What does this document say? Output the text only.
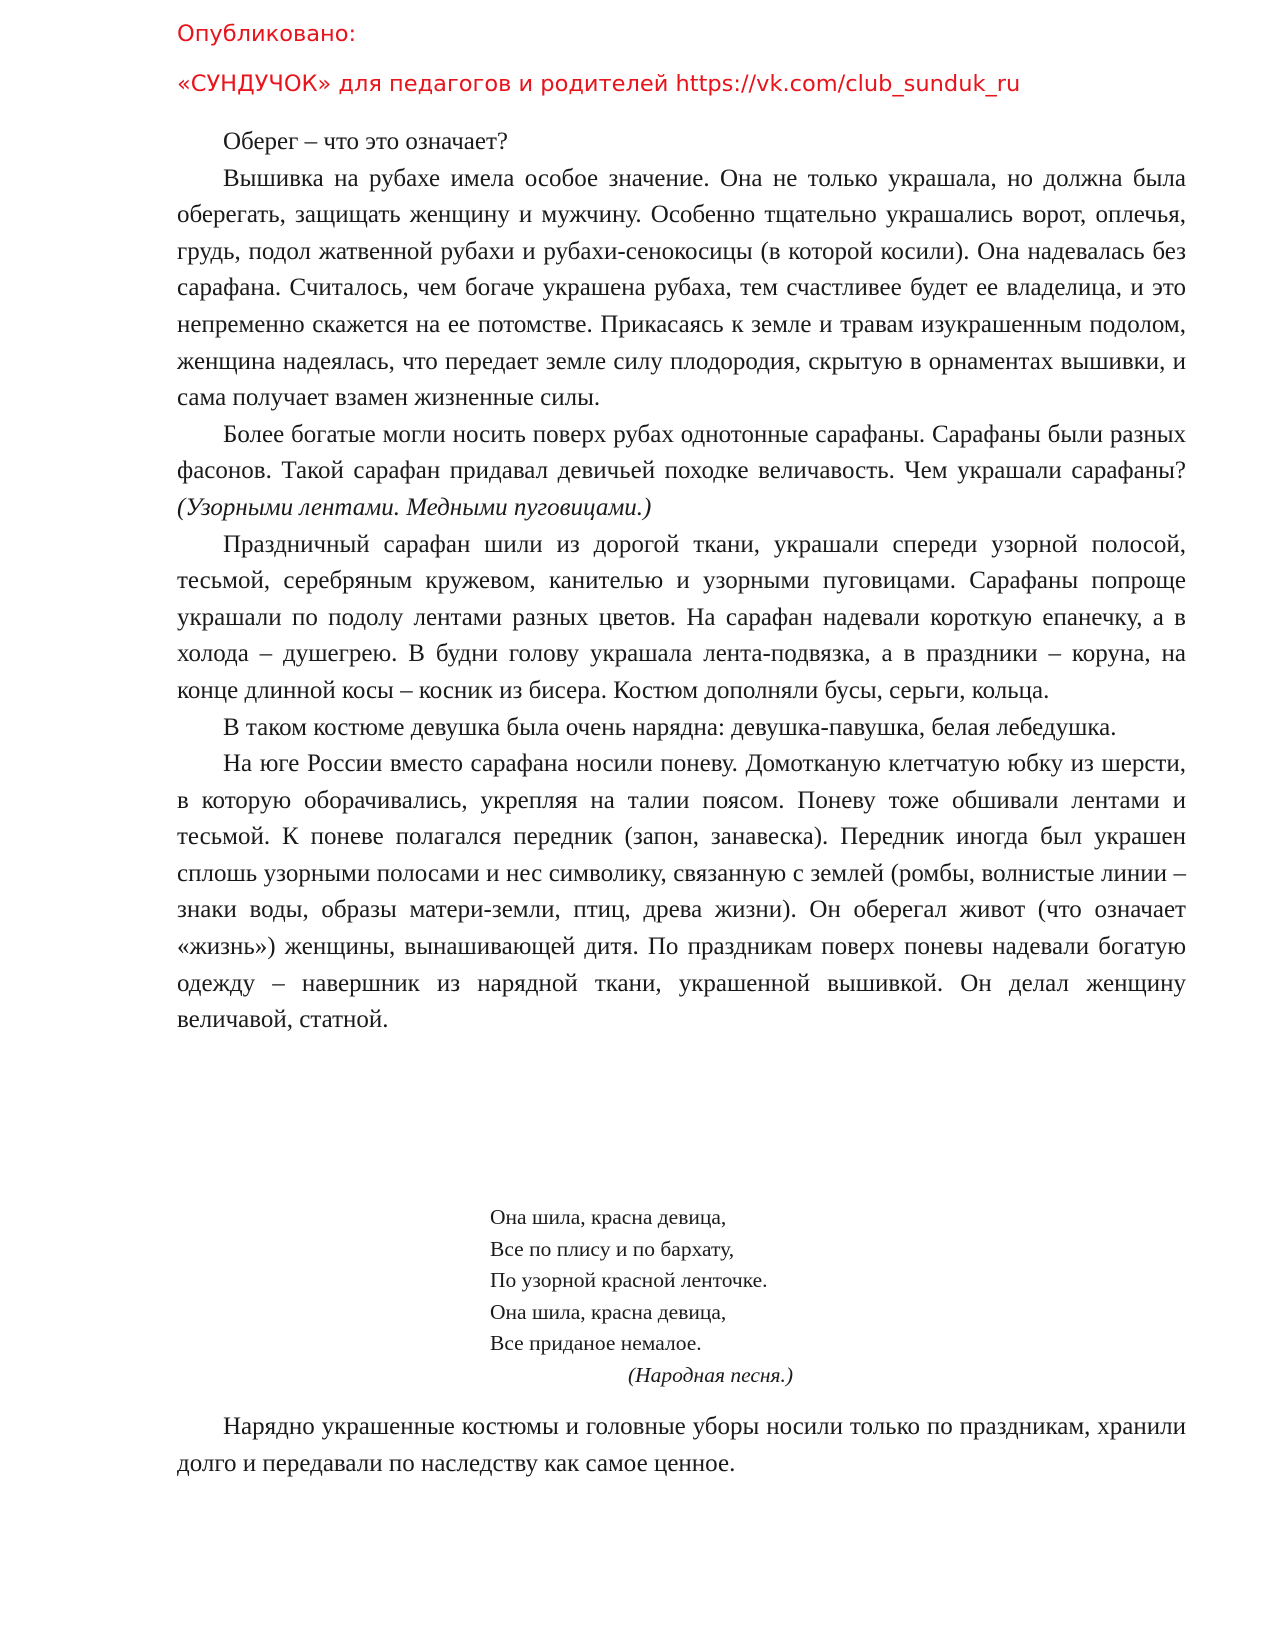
Опубликовано:
«СУНДУЧОК» для педагогов и родителей https://vk.com/club_sunduk_ru

Оберег – что это означает?

Вышивка на рубахе имела особое значение. Она не только украшала, но должна была оберегать, защищать женщину и мужчину. Особенно тщательно украшались ворот, оплечья, грудь, подол жатвенной рубахи и рубахи-сенокосицы (в которой косили). Она надевалась без сарафана. Считалось, чем богаче украшена рубаха, тем счастливее будет ее владелица, и это непременно скажется на ее потомстве. Прикасаясь к земле и травам изукрашенным подолом, женщина надеялась, что передает земле силу плодородия, скрытую в орнаментах вышивки, и сама получает взамен жизненные силы.

Более богатые могли носить поверх рубах однотонные сарафаны. Сарафаны были разных фасонов. Такой сарафан придавал девичьей походке величавость. Чем украшали сарафаны? (Узорными лентами. Медными пуговицами.)

Праздничный сарафан шили из дорогой ткани, украшали спереди узорной полосой, тесьмой, серебряным кружевом, канителью и узорными пуговицами. Сарафаны попроще украшали по подолу лентами разных цветов. На сарафан надевали короткую епанечку, а в холода – душегрею. В будни голову украшала лента-подвязка, а в праздники – коруна, на конце длинной косы – косник из бисера. Костюм дополняли бусы, серьги, кольца.

В таком костюме девушка была очень нарядна: девушка-павушка, белая лебедушка.

На юге России вместо сарафана носили поневу. Домотканую клетчатую юбку из шерсти, в которую оборачивались, укрепляя на талии поясом. Поневу тоже обшивали лентами и тесьмой. К поневе полагался передник (запон, занавеска). Передник иногда был украшен сплошь узорными полосами и нес символику, связанную с землей (ромбы, волнистые линии – знаки воды, образы матери-земли, птиц, древа жизни). Он оберегал живот (что означает «жизнь») женщины, вынашивающей дитя. По праздникам поверх поневы надевали богатую одежду – навершник из нарядной ткани, украшенной вышивкой. Он делал женщину величавой, статной.

Она шила, красна девица,
Все по плису и по бархату,
По узорной красной ленточке.
Она шила, красна девица,
Все приданое немалое.
(Народная песня.)

Нарядно украшенные костюмы и головные уборы носили только по праздникам, хранили долго и передавали по наследству как самое ценное.
